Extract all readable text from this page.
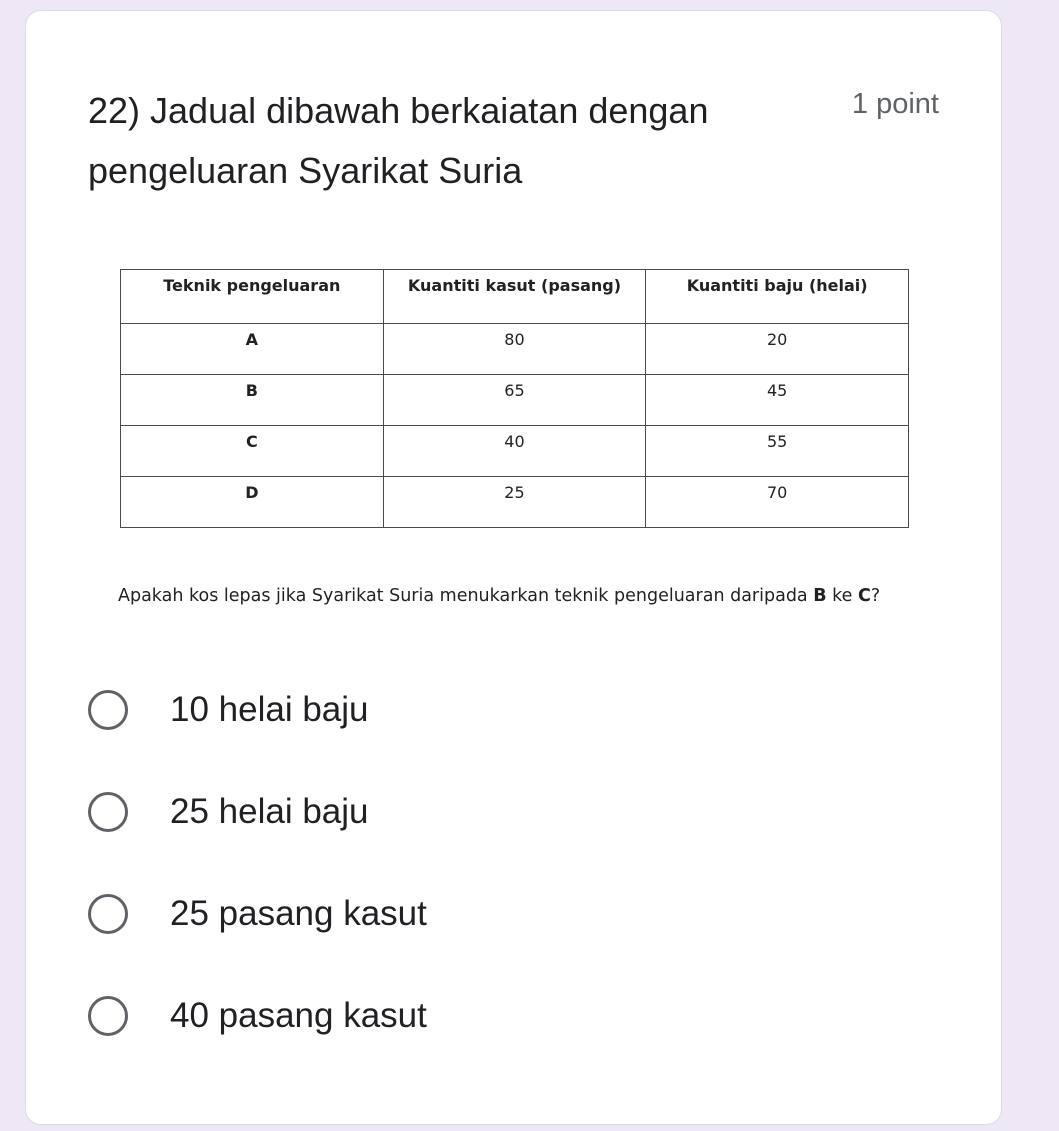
22) Jadual dibawah berkaiatan dengan pengeluaran Syarikat Suria
1 point
Teknik pengeluaran	Kuantiti kasut (pasang)	Kuantiti baju (helai)
A	80	20
B	65	45
C	40	55
D	25	70
Apakah kos lepas jika Syarikat Suria menukarkan teknik pengeluaran daripada B ke C?
10 helai baju
25 helai baju
25 pasang kasut
40 pasang kasut
